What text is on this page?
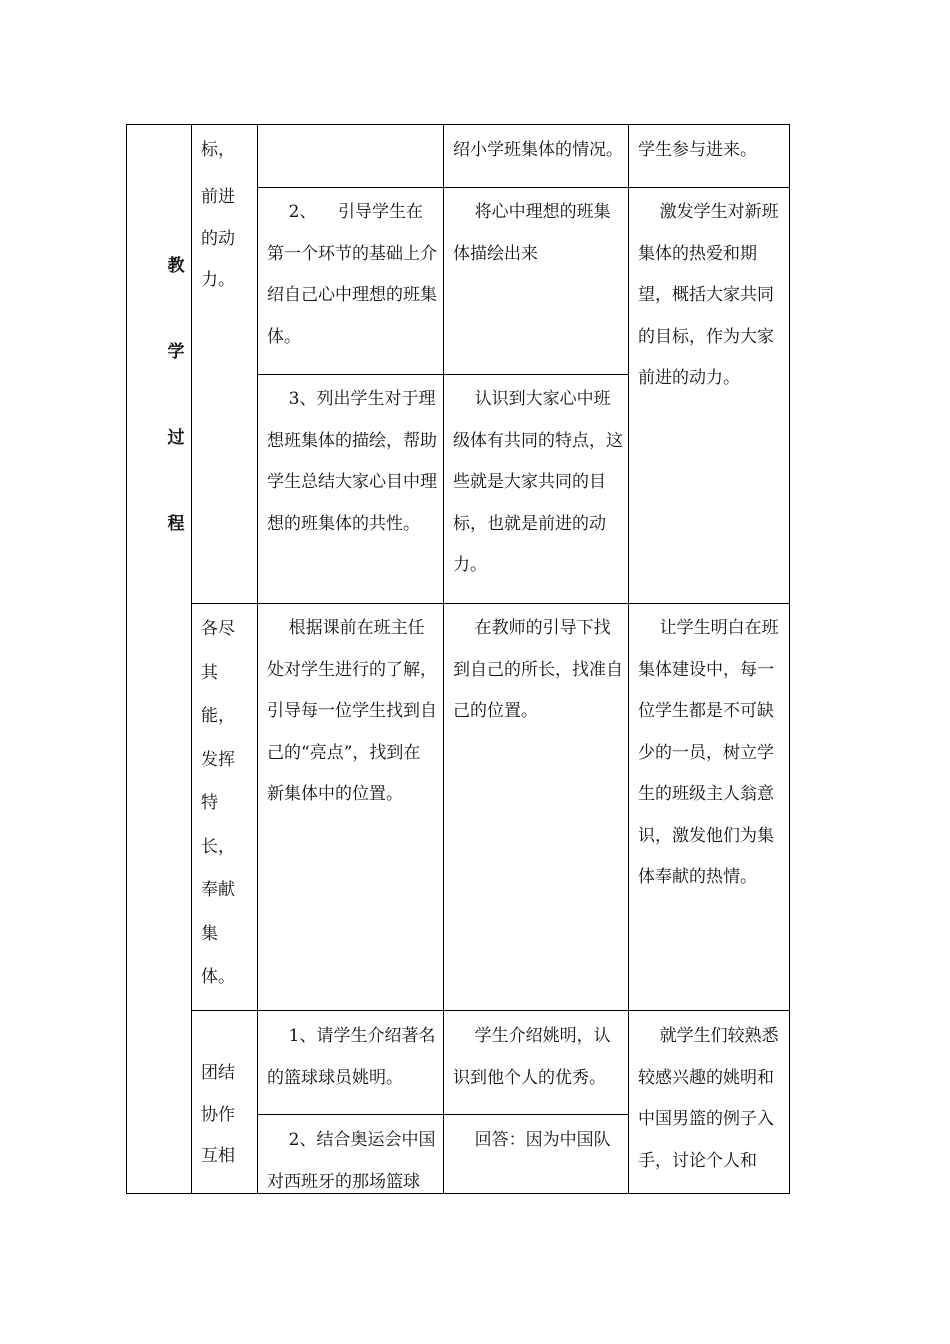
教
学
过
程
标，	绍小学班集体的情况。 学生参与进来。
前进
的动
力。
2、    引导学生在第一个环节的基础上介绍自己心中理想的班集体。
3、列出学生对于理想班集体的描绘，帮助学生总结大家心目中理想的班集体的共性。
将心中理想的班集体描绘出来
认识到大家心中班级体有共同的特点，这些就是大家共同的目标，也就是前进的动力。
激发学生对新班集体的热爱和期望，概括大家共同的目标，作为大家前进的动力。
各尽
其
能，
发挥
特
长，
奉献
集
体。
根据课前在班主任处对学生进行的了解，引导每一位学生找到自己的“亮点”，找到在新集体中的位置。
在教师的引导下找到自己的所长，找准自己的位置。
让学生明白在班集体建设中，每一位学生都是不可缺少的一员，树立学生的班级主人翁意识，激发他们为集体奉献的热情。
团结
协作
互相
1、请学生介绍著名的篮球球员姚明。
2、结合奥运会中国对西班牙的那场篮球
学生介绍姚明，认识到他个人的优秀。
回答：因为中国队
就学生们较熟悉较感兴趣的姚明和中国男篮的例子入手，讨论个人和
